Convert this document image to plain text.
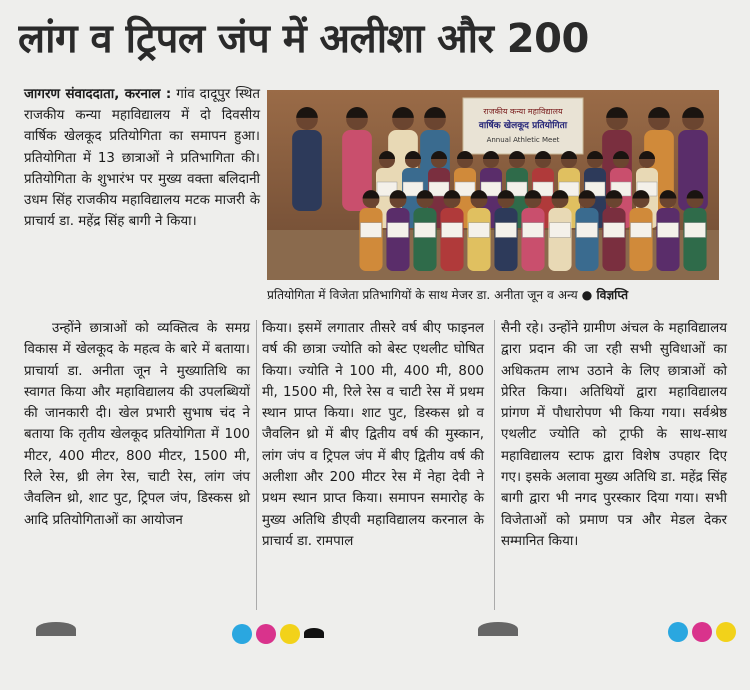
लांग व ट्रिपल जंप में अलीशा और 200
जागरण संवाददाता, करनाल : गांव दादूपुर स्थित राजकीय कन्या महाविद्यालय में दो दिवसीय वार्षिक खेलकूद प्रतियोगिता का समापन हुआ। प्रतियोगिता में 13 छात्राओं ने प्रतिभागिता की। प्रतियोगिता के शुभारंभ पर मुख्य वक्ता बलिदानी उधम सिंह राजकीय महाविद्यालय मटक माजरी के प्राचार्य डा. महेंद्र सिंह बागी ने किया।
राजकीय कन्या महाविद्यालय
वार्षिक खेलकूद प्रतियोगिता
Annual Athletic Meet
प्रतियोगिता में विजेता प्रतिभागियों के साथ मेजर डा. अनीता जून व अन्य ● विज्ञप्ति

उन्होंने छात्राओं को व्यक्तित्व के समग्र विकास में खेलकूद के महत्व के बारे में बताया। प्राचार्या डा. अनीता जून ने मुख्यातिथि का स्वागत किया और महाविद्यालय की उपलब्धियों की जानकारी दी। खेल प्रभारी सुभाष चंद ने बताया कि तृतीय खेलकूद प्रतियोगिता में 100 मीटर, 400 मीटर, 800 मीटर, 1500 मी, रिले रेस, थ्री लेग रेस, चाटी रेस, लांग जंप जैवलिन थ्रो, शाट पुट, ट्रिपल जंप, डिस्कस थ्रो आदि प्रतियोगिताओं का आयोजन

किया। इसमें लगातार तीसरे वर्ष बीए फाइनल वर्ष की छात्रा ज्योति को बेस्ट एथलीट घोषित किया। ज्योति ने 100 मी, 400 मी, 800 मी, 1500 मी, रिले रेस व चाटी रेस में प्रथम स्थान प्राप्त किया। शाट पुट, डिस्कस थ्रो व जैवलिन थ्रो में बीए द्वितीय वर्ष की मुस्कान, लांग जंप व ट्रिपल जंप में बीए द्वितीय वर्ष की अलीशा और 200 मीटर रेस में नेहा देवी ने प्रथम स्थान प्राप्त किया। समापन समारोह के मुख्य अतिथि डीएवी महाविद्यालय करनाल के प्राचार्य डा. रामपाल

सैनी रहे। उन्होंने ग्रामीण अंचल के महाविद्यालय द्वारा प्रदान की जा रही सभी सुविधाओं का अधिकतम लाभ उठाने के लिए छात्राओं को प्रेरित किया। अतिथियों द्वारा महाविद्यालय प्रांगण में पौधारोपण भी किया गया। सर्वश्रेष्ठ एथलीट ज्योति को ट्राफी के साथ-साथ महाविद्यालय स्टाफ द्वारा विशेष उपहार दिए गए। इसके अलावा मुख्य अतिथि डा. महेंद्र सिंह बागी द्वारा भी नगद पुरस्कार दिया गया। सभी विजेताओं को प्रमाण पत्र और मेडल देकर सम्मानित किया।
